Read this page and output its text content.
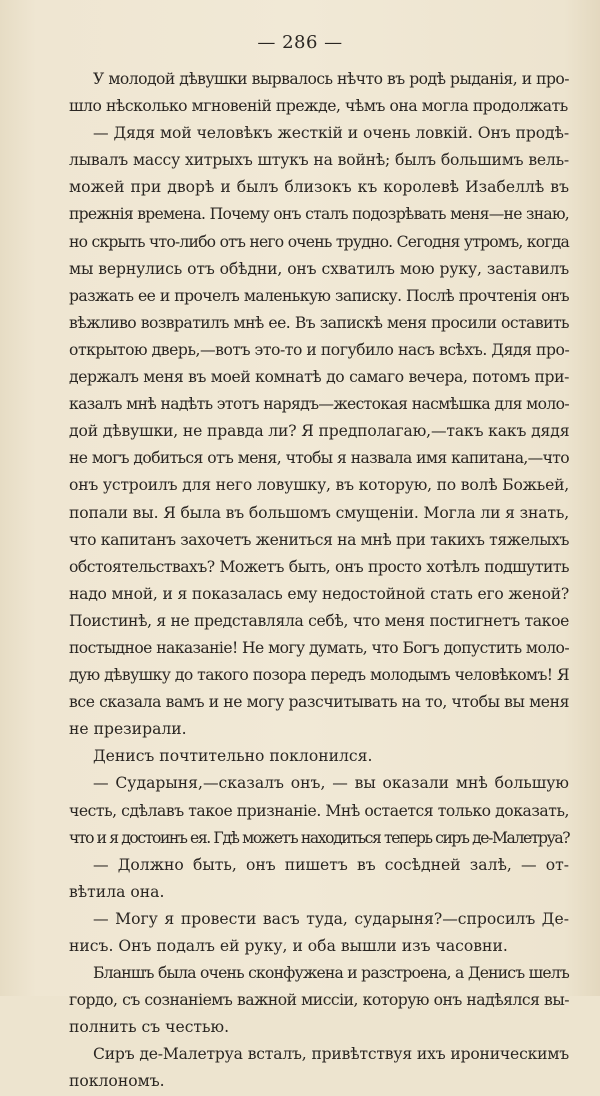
— 286 —
У молодой дѣвушки вырвалось нѣчто въ родѣ рыданія, и про-
шло нѣсколько мгновеній прежде, чѣмъ она могла продолжать
— Дядя мой человѣкъ жесткій и очень ловкій. Онъ продѣ-
лывалъ массу хитрыхъ штукъ на войнѣ; былъ большимъ вель-
можей при дворѣ и былъ близокъ къ королевѣ Изабеллѣ въ
прежнія времена. Почему онъ сталъ подозрѣвать меня—не знаю,
но скрыть что-либо отъ него очень трудно. Сегодня утромъ, когда
мы вернулись отъ обѣдни, онъ схватилъ мою руку, заставилъ
разжать ее и прочелъ маленькую записку. Послѣ прочтенія онъ
вѣжливо возвратилъ мнѣ ее. Въ запискѣ меня просили оставить
открытою дверь,—вотъ это-то и погубило насъ всѣхъ. Дядя про-
держалъ меня въ моей комнатѣ до самаго вечера, потомъ при-
казалъ мнѣ надѣть этотъ нарядъ—жестокая насмѣшка для моло-
дой дѣвушки, не правда ли? Я предполагаю,—такъ какъ дядя
не могъ добиться отъ меня, чтобы я назвала имя капитана,—что
онъ устроилъ для него ловушку, въ которую, по волѣ Божьей,
попали вы. Я была въ большомъ смущеніи. Могла ли я знать,
что капитанъ захочетъ жениться на мнѣ при такихъ тяжелыхъ
обстоятельствахъ? Можетъ быть, онъ просто хотѣлъ подшутить
надо мной, и я показалась ему недостойной стать его женой?
Поистинѣ, я не представляла себѣ, что меня постигнетъ такое
постыдное наказаніе! Не могу думать, что Богъ допустить моло-
дую дѣвушку до такого позора передъ молодымъ человѣкомъ! Я
все сказала вамъ и не могу разсчитывать на то, чтобы вы меня
не презирали.
Денисъ почтительно поклонился.
— Сударыня,—сказалъ онъ, — вы оказали мнѣ большую
честь, сдѣлавъ такое признаніе. Мнѣ остается только доказать,
что и я достоинъ ея. Гдѣ можетъ находиться теперь сиръ де-Малетруа?
— Должно быть, онъ пишетъ въ сосѣдней залѣ, — от-
вѣтила она.
— Могу я провести васъ туда, сударыня?—спросилъ Де-
нисъ. Онъ подалъ ей руку, и оба вышли изъ часовни.
Бланшъ была очень сконфужена и разстроена, а Денисъ шелъ
гордо, съ сознаніемъ важной миссіи, которую онъ надѣялся вы-
полнить съ честью.
Сиръ де-Малетруа всталъ, привѣтствуя ихъ ироническимъ
поклономъ.
